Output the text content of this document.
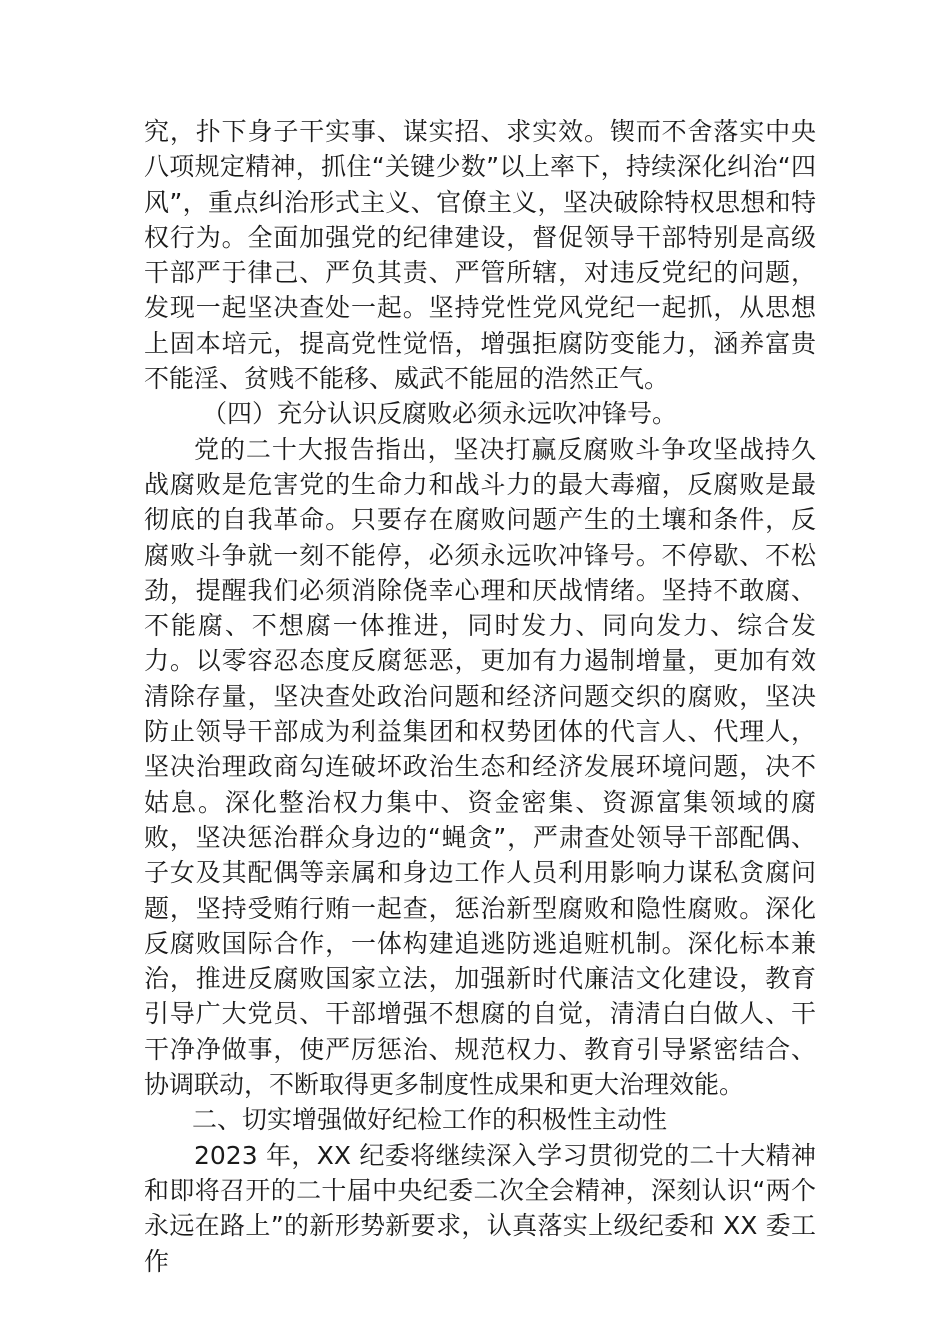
究，扑下身子干实事、谋实招、求实效。锲而不舍落实中央八项规定精神，抓住“关键少数”以上率下，持续深化纠治“四风”，重点纠治形式主义、官僚主义，坚决破除特权思想和特权行为。全面加强党的纪律建设，督促领导干部特别是高级干部严于律己、严负其责、严管所辖，对违反党纪的问题，发现一起坚决查处一起。坚持党性党风党纪一起抓，从思想上固本培元，提高党性觉悟，增强拒腐防变能力，涵养富贵不能淫、贫贱不能移、威武不能屈的浩然正气。

（四）充分认识反腐败必须永远吹冲锋号。

党的二十大报告指出，坚决打赢反腐败斗争攻坚战持久战腐败是危害党的生命力和战斗力的最大毒瘤，反腐败是最彻底的自我革命。只要存在腐败问题产生的土壤和条件，反腐败斗争就一刻不能停，必须永远吹冲锋号。不停歇、不松劲，提醒我们必须消除侥幸心理和厌战情绪。坚持不敢腐、不能腐、不想腐一体推进，同时发力、同向发力、综合发力。以零容忍态度反腐惩恶，更加有力遏制增量，更加有效清除存量，坚决查处政治问题和经济问题交织的腐败，坚决防止领导干部成为利益集团和权势团体的代言人、代理人，坚决治理政商勾连破坏政治生态和经济发展环境问题，决不姑息。深化整治权力集中、资金密集、资源富集领域的腐败，坚决惩治群众身边的“蝇贪”，严肃查处领导干部配偶、子女及其配偶等亲属和身边工作人员利用影响力谋私贪腐问题，坚持受贿行贿一起查，惩治新型腐败和隐性腐败。深化反腐败国际合作，一体构建追逃防逃追赃机制。深化标本兼治，推进反腐败国家立法，加强新时代廉洁文化建设，教育引导广大党员、干部增强不想腐的自觉，清清白白做人、干干净净做事，使严厉惩治、规范权力、教育引导紧密结合、协调联动，不断取得更多制度性成果和更大治理效能。

二、切实增强做好纪检工作的积极性主动性

2023 年，XX 纪委将继续深入学习贯彻党的二十大精神和即将召开的二十届中央纪委二次全会精神，深刻认识“两个永远在路上”的新形势新要求，认真落实上级纪委和 XX 委工作
